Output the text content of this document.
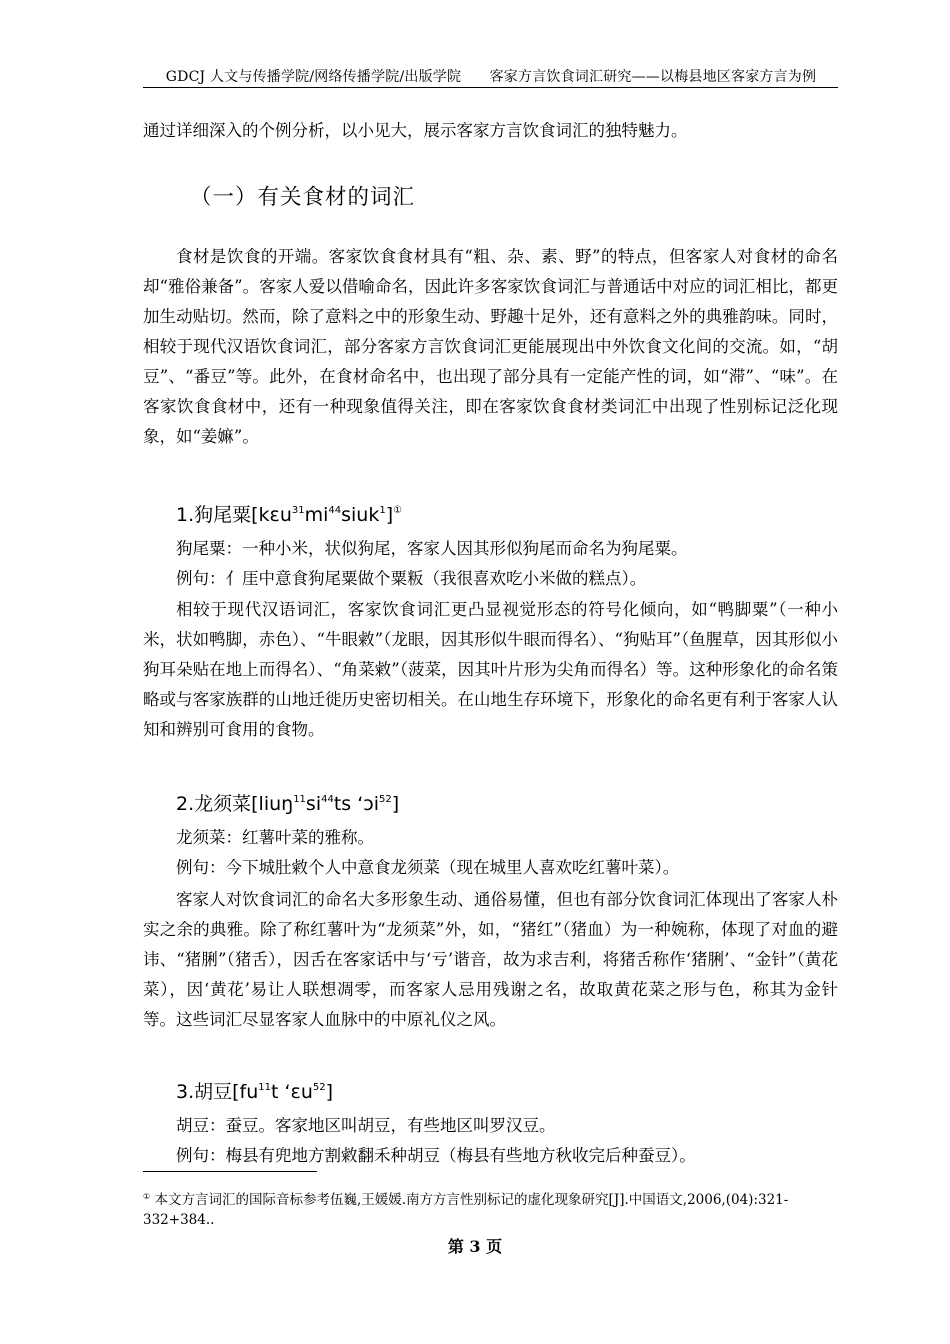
GDCJ 人文与传播学院/网络传播学院/出版学院　　客家方言饮食词汇研究——以梅县地区客家方言为例
通过详细深入的个例分析，以小见大，展示客家方言饮食词汇的独特魅力。
（一）有关食材的词汇
食材是饮食的开端。客家饮食食材具有“粗、杂、素、野”的特点，但客家人对食材的命名却“雅俗兼备”。客家人爱以借喻命名，因此许多客家饮食词汇与普通话中对应的词汇相比，都更加生动贴切。然而，除了意料之中的形象生动、野趣十足外，还有意料之外的典雅韵味。同时，相较于现代汉语饮食词汇，部分客家方言饮食词汇更能展现出中外饮食文化间的交流。如，“胡豆”、“番豆”等。此外，在食材命名中，也出现了部分具有一定能产性的词，如“滞”、“味”。在客家饮食食材中，还有一种现象值得关注，即在客家饮食食材类词汇中出现了性别标记泛化现象，如“姜嫲”。
1.狗尾粟$[kɛu^{31}mi^{44}siuk^1]^①$
狗尾粟：一种小米，状似狗尾，客家人因其形似狗尾而命名为狗尾粟。
例句：亻厓中意食狗尾粟做个粟粄（我很喜欢吃小米做的糕点）。
相较于现代汉语词汇，客家饮食词汇更凸显视觉形态的符号化倾向，如“鸭脚粟”（一种小米，状如鸭脚，赤色）、“牛眼敹”（龙眼，因其形似牛眼而得名）、“狗贴耳”（鱼腥草，因其形似小狗耳朵贴在地上而得名）、“角菜敹”（菠菜，因其叶片形为尖角而得名）等。这种形象化的命名策略或与客家族群的山地迁徙历史密切相关。在山地生存环境下，形象化的命名更有利于客家人认知和辨别可食用的食物。
2.龙须菜[$liuŋ^{11}si^{44}ts$ ʻɔi$^{52}$]
龙须菜：红薯叶菜的雅称。
例句：今下城肚敹个人中意食龙须菜（现在城里人喜欢吃红薯叶菜）。
客家人对饮食词汇的命名大多形象生动、通俗易懂，但也有部分饮食词汇体现出了客家人朴实之余的典雅。除了称红薯叶为“龙须菜”外，如，“猪红”（猪血）为一种婉称，体现了对血的避讳、“猪脷”（猪舌），因舌在客家话中与‘亏’谐音，故为求吉利，将猪舌称作‘猪脷’、“金针”（黄花菜），因‘黄花’易让人联想凋零，而客家人忌用残谢之名，故取黄花菜之形与色，称其为金针等。这些词汇尽显客家人血脉中的中原礼仪之风。
3.胡豆[$fu^{11}t$ ʻɛu$^{52}$]
胡豆：蚕豆。客家地区叫胡豆，有些地区叫罗汉豆。
例句：梅县有兜地方割敹翻禾种胡豆（梅县有些地方秋收完后种蚕豆）。
① 本文方言词汇的国际音标参考伍巍,王媛媛.南方方言性别标记的虚化现象研究[J].中国语文,2006,(04):321-332+384..
第 3 页
